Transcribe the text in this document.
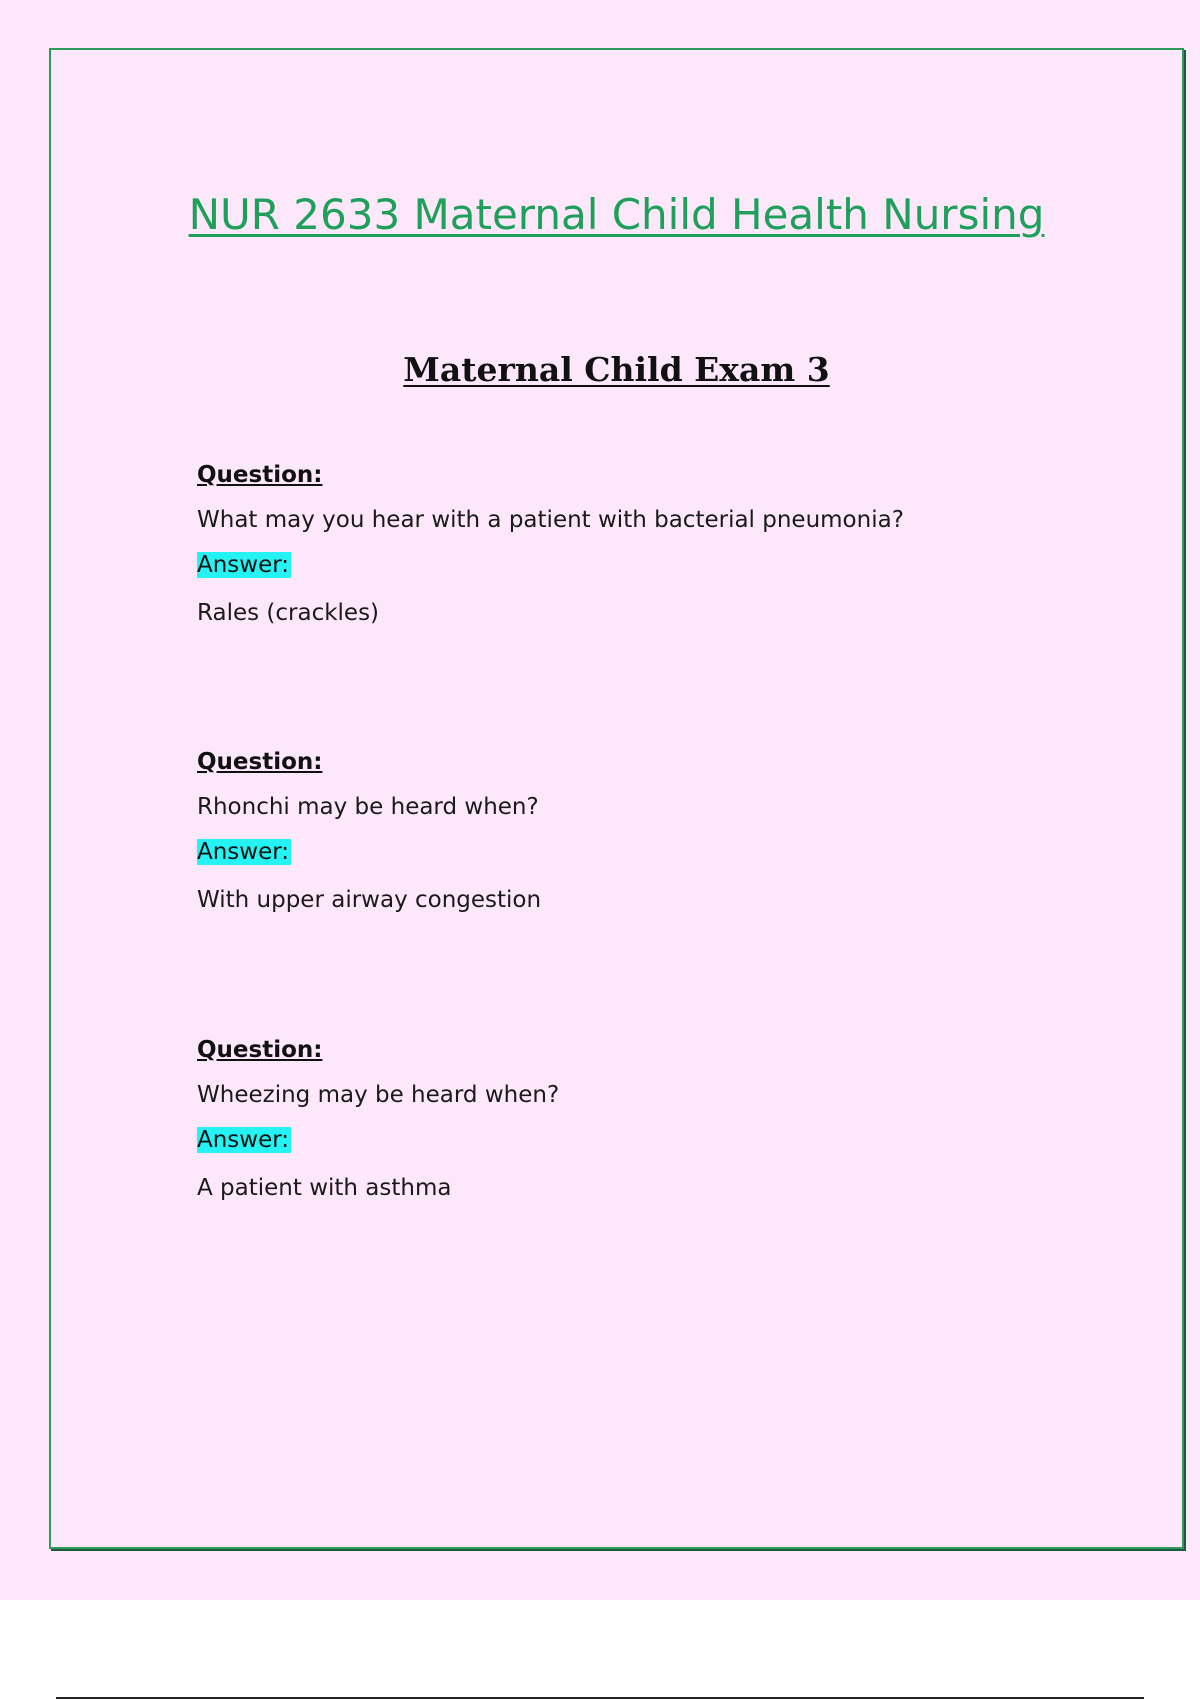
NUR 2633 Maternal Child Health Nursing
Maternal Child Exam 3
Question:
What may you hear with a patient with bacterial pneumonia?
Answer:
Rales (crackles)
Question:
Rhonchi may be heard when?
Answer:
With upper airway congestion
Question:
Wheezing may be heard when?
Answer:
A patient with asthma
